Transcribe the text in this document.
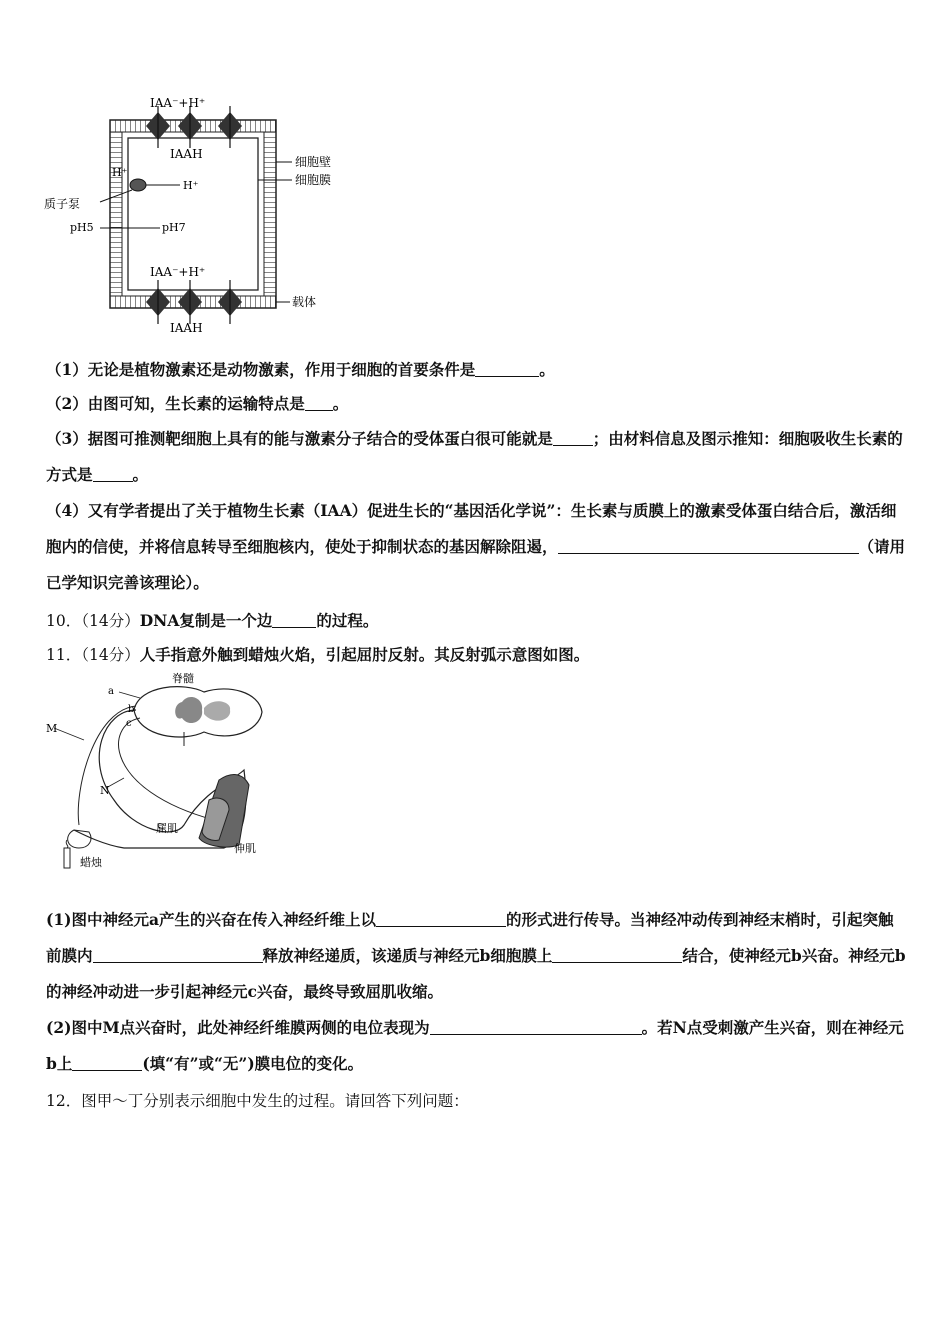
IAA⁻+H⁺
IAAH
H⁺
H⁺
质子泵
pH5	pH7
IAA⁻+H⁺
IAAH
细胞壁
细胞膜
载体

（1）无论是植物激素还是动物激素，作用于细胞的首要条件是	。

（2）由图可知，生长素的运输特点是 。

（3）据图可推测靶细胞上具有的能与激素分子结合的受体蛋白很可能就是	；由材料信息及图示推知：细胞吸收生长素的方式是	。

（4）又有学者提出了关于植物生长素（IAA）促进生长的“基因活化学说”：生长素与质膜上的激素受体蛋白结合后，激活细胞内的信使，并将信息转导至细胞核内，使处于抑制状态的基因解除阻遏，	（请用已学知识完善该理论）。

10．（14分）DNA复制是一个边	的过程。

11．（14分）人手指意外触到蜡烛火焰，引起屈肘反射。其反射弧示意图如图。

脊髓
a
b
c
M
N
屈肌
伸肌
蜡烛

(1)图中神经元a产生的兴奋在传入神经纤维上以	的形式进行传导。当神经冲动传到神经末梢时，引起突触前膜内	释放神经递质，该递质与神经元b细胞膜上	结合，使神经元b兴奋。神经元b的神经冲动进一步引起神经元c兴奋，最终导致屈肌收缩。

(2)图中M点兴奋时，此处神经纤维膜两侧的电位表现为	。若N点受刺激产生兴奋，则在神经元b上	(填“有”或“无”)膜电位的变化。

12．图甲～丁分别表示细胞中发生的过程。请回答下列问题：
